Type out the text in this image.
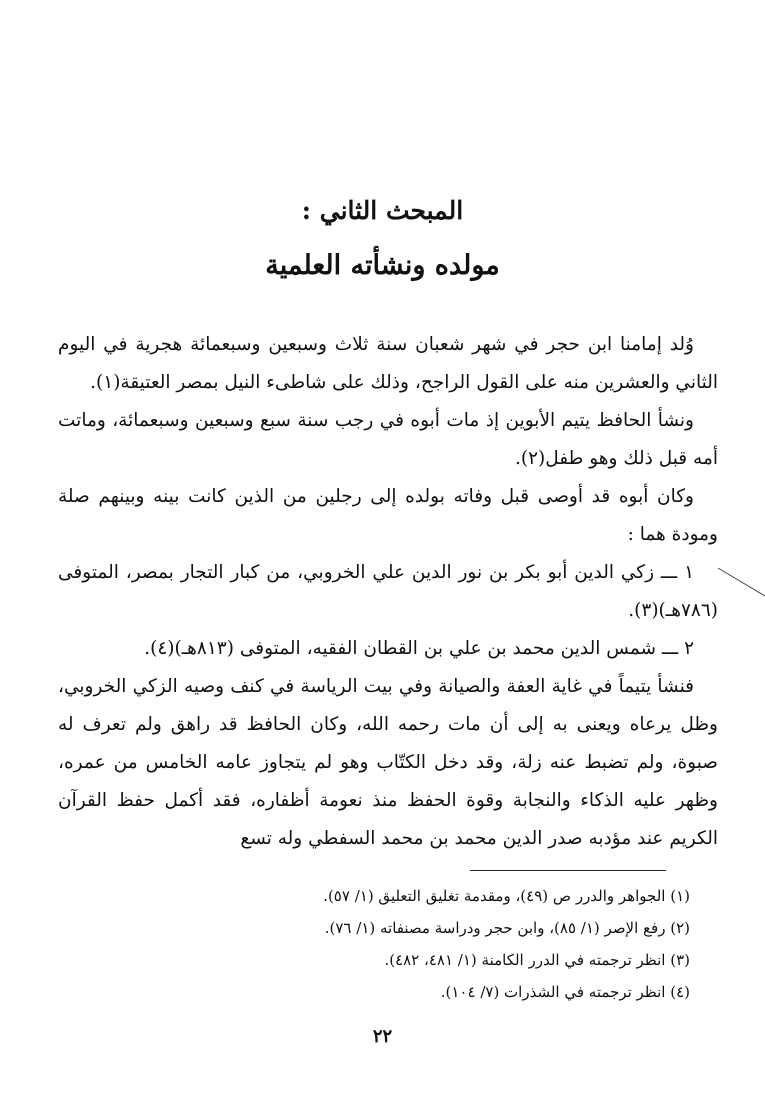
المبحث الثاني :
مولده ونشأته العلمية

وُلد إمامنا ابن حجر في شهر شعبان سنة ثلاث وسبعين وسبعمائة هجرية في اليوم الثاني والعشرين منه على القول الراجح، وذلك على شاطىء النيل بمصر العتيقة(١).

ونشأ الحافظ يتيم الأبوين إذ مات أبوه في رجب سنة سبع وسبعين وسبعمائة، وماتت أمه قبل ذلك وهو طفل(٢).

وكان أبوه قد أوصى قبل وفاته بولده إلى رجلين من الذين كانت بينه وبينهم صلة ومودة هما :

١ ـــ زكي الدين أبو بكر بن نور الدين علي الخروبي، من كبار التجار بمصر، المتوفى (٧٨٦هـ)(٣).

٢ ـــ شمس الدين محمد بن علي بن القطان الفقيه، المتوفى (٨١٣هـ)(٤).

فنشأ يتيماً في غاية العفة والصيانة وفي بيت الرياسة في كنف وصيه الزكي الخروبي، وظل يرعاه ويعنى به إلى أن مات رحمه الله، وكان الحافظ قد راهق ولم تعرف له صبوة، ولم تضبط عنه زلة، وقد دخل الكتّاب وهو لم يتجاوز عامه الخامس من عمره، وظهر عليه الذكاء والنجابة وقوة الحفظ منذ نعومة أظفاره، فقد أكمل حفظ القرآن الكريم عند مؤدبه صدر الدين محمد بن محمد السفطي وله تسع

(١) الجواهر والدرر ص (٤٩)، ومقدمة تغليق التعليق (١/ ٥٧).
(٢) رفع الإصر (١/ ٨٥)، وابن حجر ودراسة مصنفاته (١/ ٧٦).
(٣) انظر ترجمته في الدرر الكامنة (١/ ٤٨١، ٤٨٢).
(٤) انظر ترجمته في الشذرات (٧/ ١٠٤).
٢٢
